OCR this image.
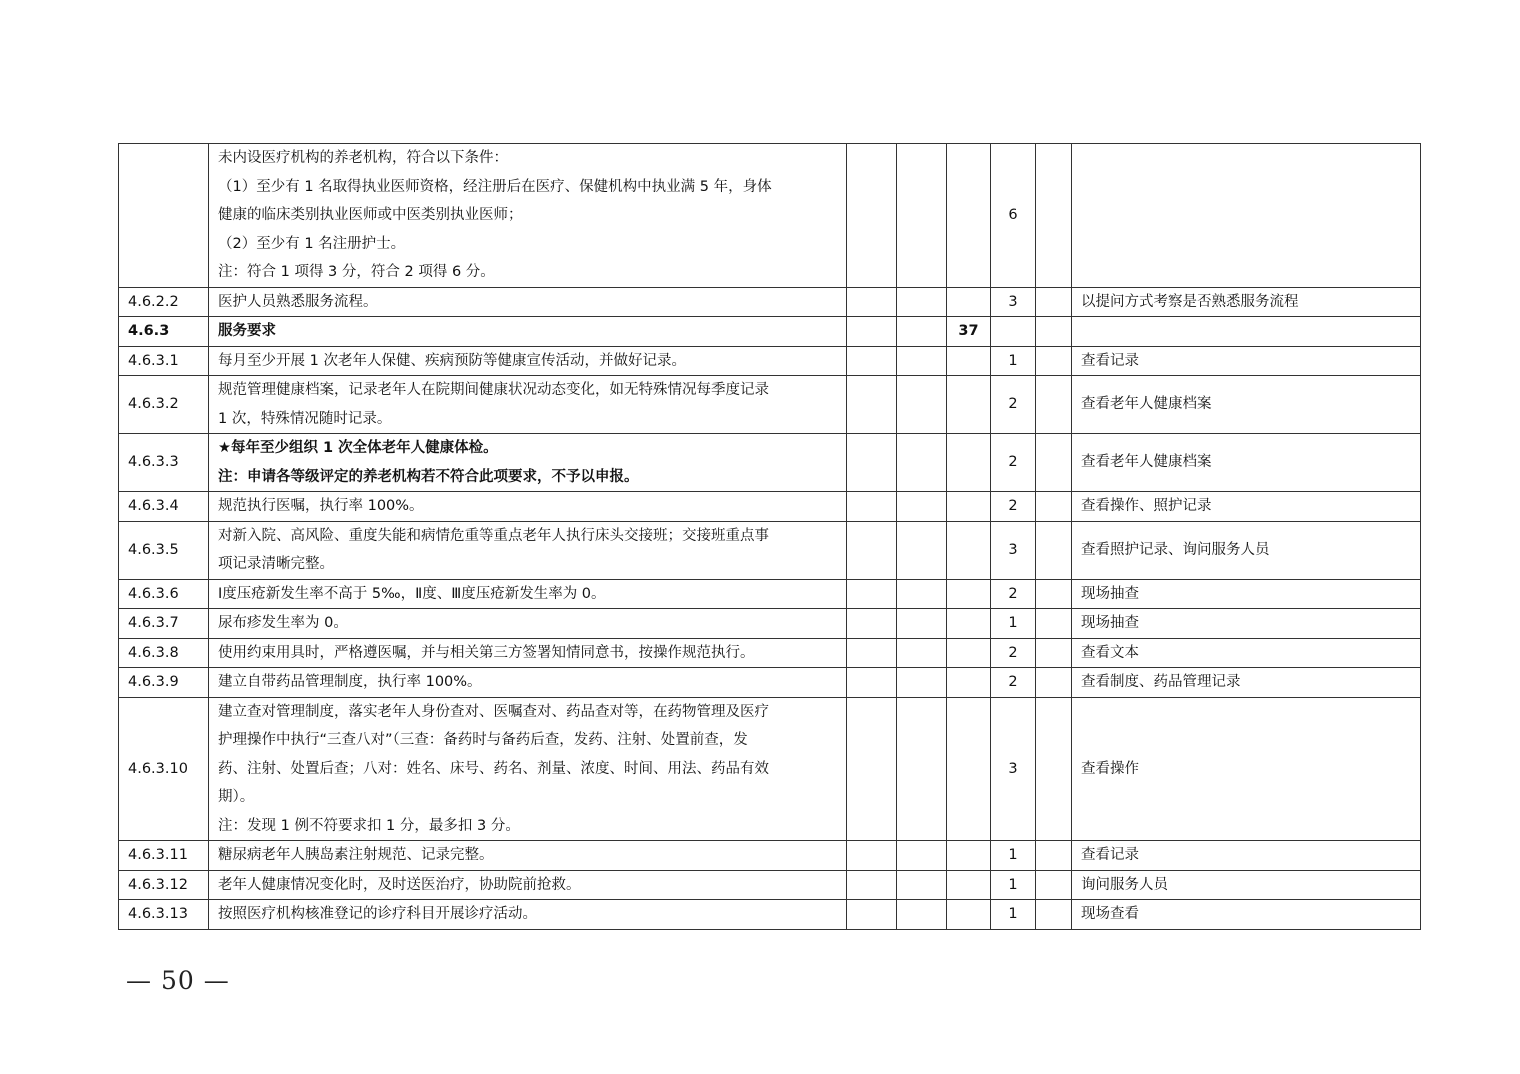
	未内设医疗机构的养老机构，符合以下条件：
（1）至少有 1 名取得执业医师资格，经注册后在医疗、保健机构中执业满 5 年，身体
健康的临床类别执业医师或中医类别执业医师；
（2）至少有 1 名注册护士。
注：符合 1 项得 3 分，符合 2 项得 6 分。				6		
4.6.2.2	医护人员熟悉服务流程。				3		以提问方式考察是否熟悉服务流程
4.6.3	服务要求			37			
4.6.3.1	每月至少开展 1 次老年人保健、疾病预防等健康宣传活动，并做好记录。				1		查看记录
4.6.3.2	规范管理健康档案，记录老年人在院期间健康状况动态变化，如无特殊情况每季度记录
1 次，特殊情况随时记录。				2		查看老年人健康档案
4.6.3.3	★每年至少组织 1 次全体老年人健康体检。
注：申请各等级评定的养老机构若不符合此项要求，不予以申报。				2		查看老年人健康档案
4.6.3.4	规范执行医嘱，执行率 100%。				2		查看操作、照护记录
4.6.3.5	对新入院、高风险、重度失能和病情危重等重点老年人执行床头交接班；交接班重点事
项记录清晰完整。				3		查看照护记录、询问服务人员
4.6.3.6	Ⅰ度压疮新发生率不高于 5‰，Ⅱ度、Ⅲ度压疮新发生率为 0。				2		现场抽查
4.6.3.7	尿布疹发生率为 0。				1		现场抽查
4.6.3.8	使用约束用具时，严格遵医嘱，并与相关第三方签署知情同意书，按操作规范执行。				2		查看文本
4.6.3.9	建立自带药品管理制度，执行率 100%。				2		查看制度、药品管理记录
4.6.3.10	建立查对管理制度，落实老年人身份查对、医嘱查对、药品查对等，在药物管理及医疗
护理操作中执行“三查八对”（三查：备药时与备药后查，发药、注射、处置前查，发
药、注射、处置后查；八对：姓名、床号、药名、剂量、浓度、时间、用法、药品有效
期）。
注：发现 1 例不符要求扣 1 分，最多扣 3 分。				3		查看操作
4.6.3.11	糖尿病老年人胰岛素注射规范、记录完整。				1		查看记录
4.6.3.12	老年人健康情况变化时，及时送医治疗，协助院前抢救。				1		询问服务人员
4.6.3.13	按照医疗机构核准登记的诊疗科目开展诊疗活动。				1		现场查看
— 50 —
